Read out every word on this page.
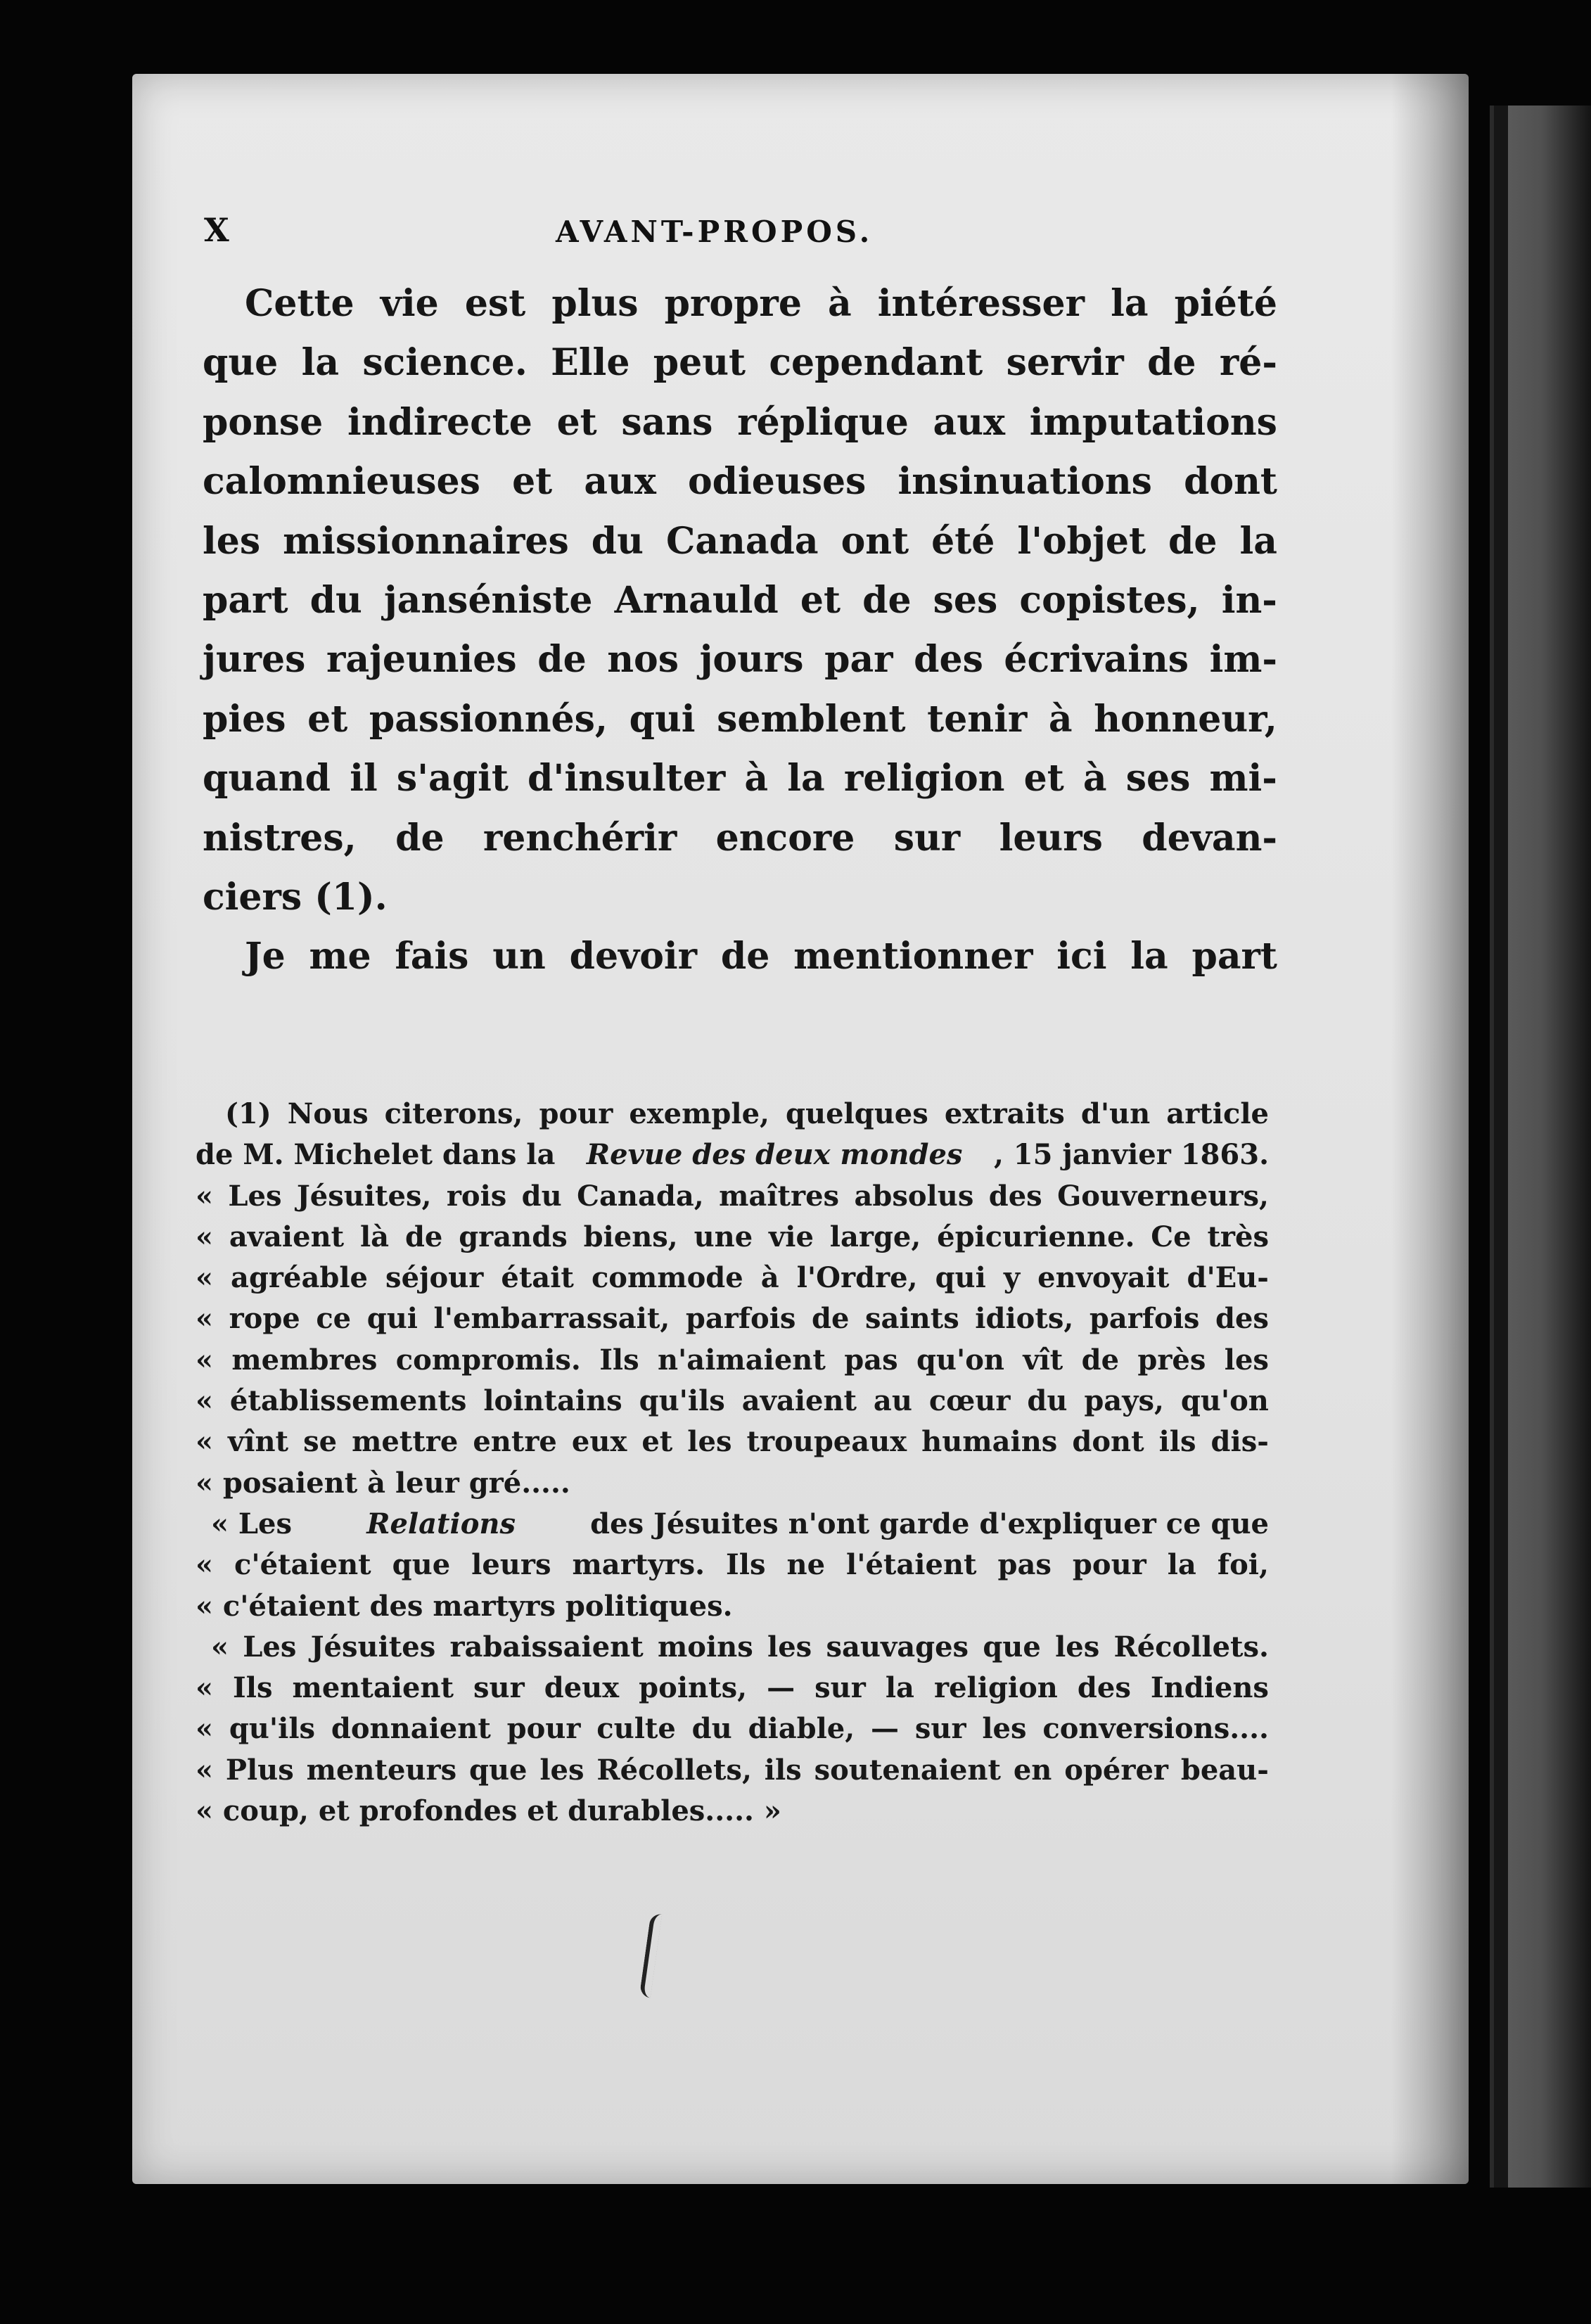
X	AVANT-PROPOS.
Cette vie est plus propre à intéresser la piété
que la science. Elle peut cependant servir de ré-
ponse indirecte et sans réplique aux imputations
calomnieuses et aux odieuses insinuations dont
les missionnaires du Canada ont été l'objet de la
part du janséniste Arnauld et de ses copistes, in-
jures rajeunies de nos jours par des écrivains im-
pies et passionnés, qui semblent tenir à honneur,
quand il s'agit d'insulter à la religion et à ses mi-
nistres, de renchérir encore sur leurs devan-
ciers (1).
Je me fais un devoir de mentionner ici la part
(1) Nous citerons, pour exemple, quelques extraits d'un article
de M. Michelet dans la Revue des deux mondes , 15 janvier 1863.
« Les Jésuites, rois du Canada, maîtres absolus des Gouverneurs,
« avaient là de grands biens, une vie large, épicurienne. Ce très
« agréable séjour était commode à l'Ordre, qui y envoyait d'Eu-
« rope ce qui l'embarrassait, parfois de saints idiots, parfois des
« membres compromis. Ils n'aimaient pas qu'on vît de près les
« établissements lointains qu'ils avaient au cœur du pays, qu'on
« vînt se mettre entre eux et les troupeaux humains dont ils dis-
« posaient à leur gré.....
« Les	Relations	des Jésuites n'ont garde d'expliquer ce que
« c'étaient que leurs martyrs. Ils ne l'étaient pas pour la foi,
« c'étaient des martyrs politiques.
« Les Jésuites rabaissaient moins les sauvages que les Récollets.
« Ils mentaient sur deux points, — sur la religion des Indiens
« qu'ils donnaient pour culte du diable, — sur les conversions....
« Plus menteurs que les Récollets, ils soutenaient en opérer beau-
« coup, et profondes et durables..... »
